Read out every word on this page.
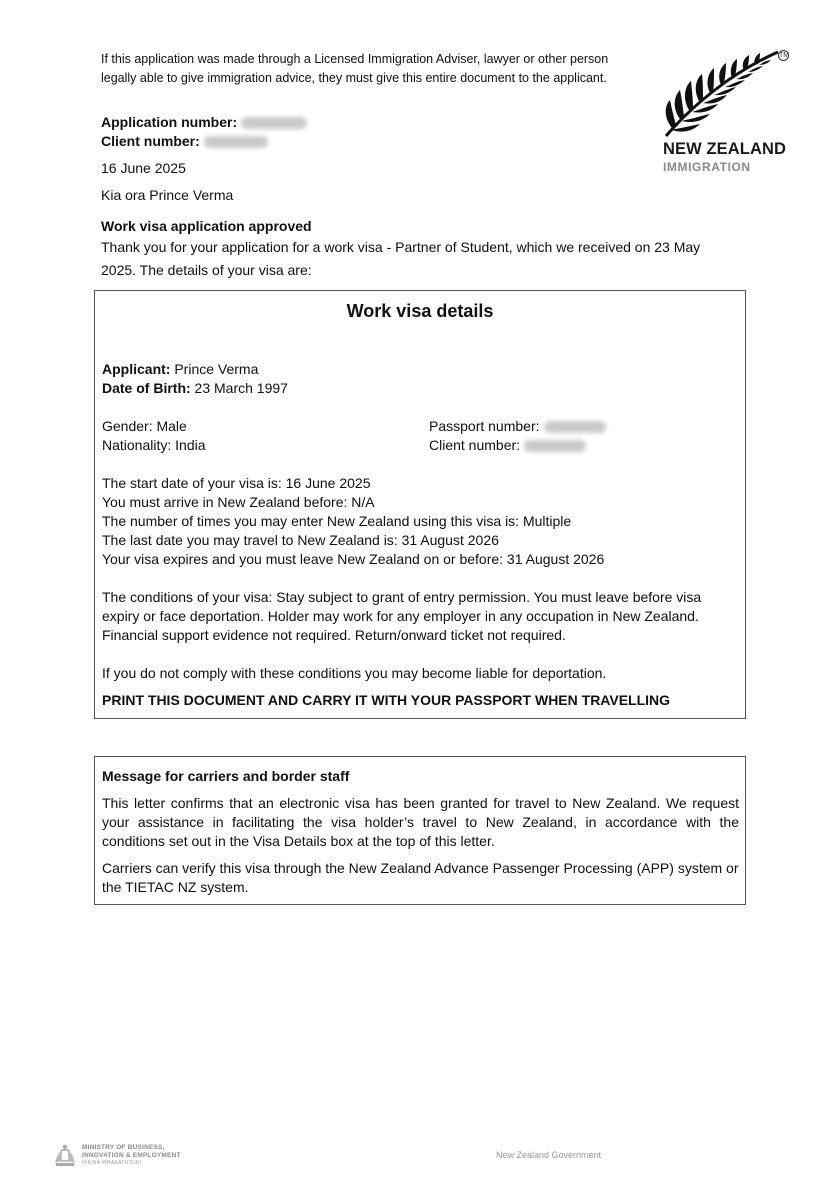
If this application was made through a Licensed Immigration Adviser, lawyer or other person
legally able to give immigration advice, they must give this entire document to the applicant.
TM
NEW ZEALAND
IMMIGRATION
Application number:
Client number:
16 June 2025
Kia ora Prince Verma
Work visa application approved
Thank you for your application for a work visa - Partner of Student, which we received on 23 May 2025. The details of your visa are:
Work visa details
Applicant: Prince Verma
Date of Birth: 23 March 1997
Gender: Male
Nationality: India
Passport number:
Client number:
The start date of your visa is: 16 June 2025
You must arrive in New Zealand before: N/A
The number of times you may enter New Zealand using this visa is: Multiple
The last date you may travel to New Zealand is: 31 August 2026
Your visa expires and you must leave New Zealand on or before: 31 August 2026
The conditions of your visa: Stay subject to grant of entry permission. You must leave before visa expiry or face deportation. Holder may work for any employer in any occupation in New Zealand. Financial support evidence not required. Return/onward ticket not required.
If you do not comply with these conditions you may become liable for deportation.
PRINT THIS DOCUMENT AND CARRY IT WITH YOUR PASSPORT WHEN TRAVELLING
Message for carriers and border staff
This letter confirms that an electronic visa has been granted for travel to New Zealand. We request your assistance in facilitating the visa holder’s travel to New Zealand, in accordance with the conditions set out in the Visa Details box at the top of this letter.
Carriers can verify this visa through the New Zealand Advance Passenger Processing (APP) system or the TIETAC NZ system.
MINISTRY OF BUSINESS,
INNOVATION & EMPLOYMENT
HĪKINA WHAKATUTUKI
New Zealand Government
